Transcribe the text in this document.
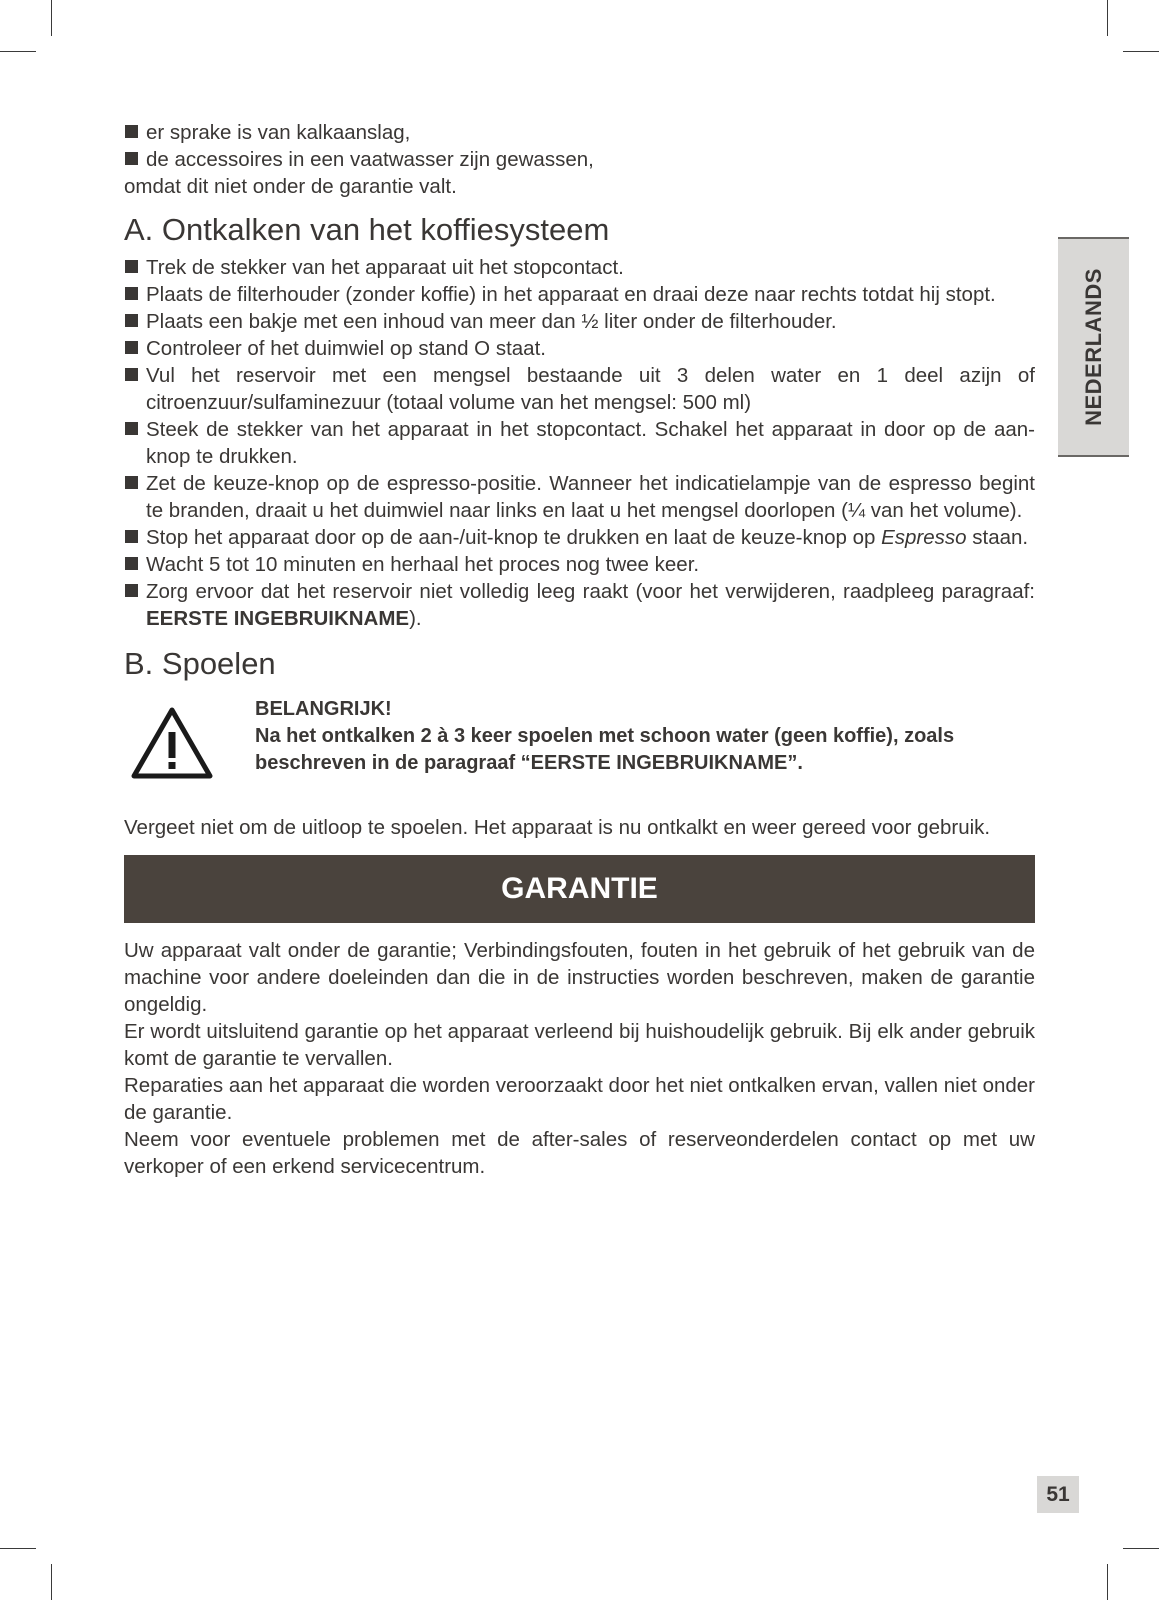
er sprake is van kalkaanslag,
de accessoires in een vaatwasser zijn gewassen,

omdat dit niet onder de garantie valt.

A. Ontkalken van het koffiesysteem
Trek de stekker van het apparaat uit het stopcontact.
Plaats de filterhouder (zonder koffie) in het apparaat en draai deze naar rechts totdat hij stopt.
Plaats een bakje met een inhoud van meer dan ½ liter onder de filterhouder.
Controleer of het duimwiel op stand O staat.
Vul het reservoir met een mengsel bestaande uit 3 delen water en 1 deel azijn of citroenzuur/sulfaminezuur (totaal volume van het mengsel: 500 ml)
Steek de stekker van het apparaat in het stopcontact. Schakel het apparaat in door op de aan-knop te drukken.
Zet de keuze-knop op de espresso-positie. Wanneer het indicatielampje van de espresso begint te branden, draait u het duimwiel naar links en laat u het mengsel doorlopen (¼ van het volume).
Stop het apparaat door op de aan-/uit-knop te drukken en laat de keuze-knop op Espresso staan.
Wacht 5 tot 10 minuten en herhaal het proces nog twee keer.
Zorg ervoor dat het reservoir niet volledig leeg raakt (voor het verwijderen, raadpleeg paragraaf: EERSTE INGEBRUIKNAME).
B. Spoelen
BELANGRIJK!
Na het ontkalken 2 à 3 keer spoelen met schoon water (geen koffie), zoals beschreven in de paragraaf “EERSTE INGEBRUIKNAME”.

Vergeet niet om de uitloop te spoelen. Het apparaat is nu ontkalkt en weer gereed voor gebruik.

GARANTIE

Uw apparaat valt onder de garantie; Verbindingsfouten, fouten in het gebruik of het gebruik van de machine voor andere doeleinden dan die in de instructies worden beschreven, maken de garantie ongeldig.

Er wordt uitsluitend garantie op het apparaat verleend bij huishoudelijk gebruik. Bij elk ander gebruik komt de garantie te vervallen.

Reparaties aan het apparaat die worden veroorzaakt door het niet ontkalken ervan, vallen niet onder de garantie.

Neem voor eventuele problemen met de after-sales of reserveonderdelen contact op met uw verkoper of een erkend servicecentrum.

NEDERLANDS
51
